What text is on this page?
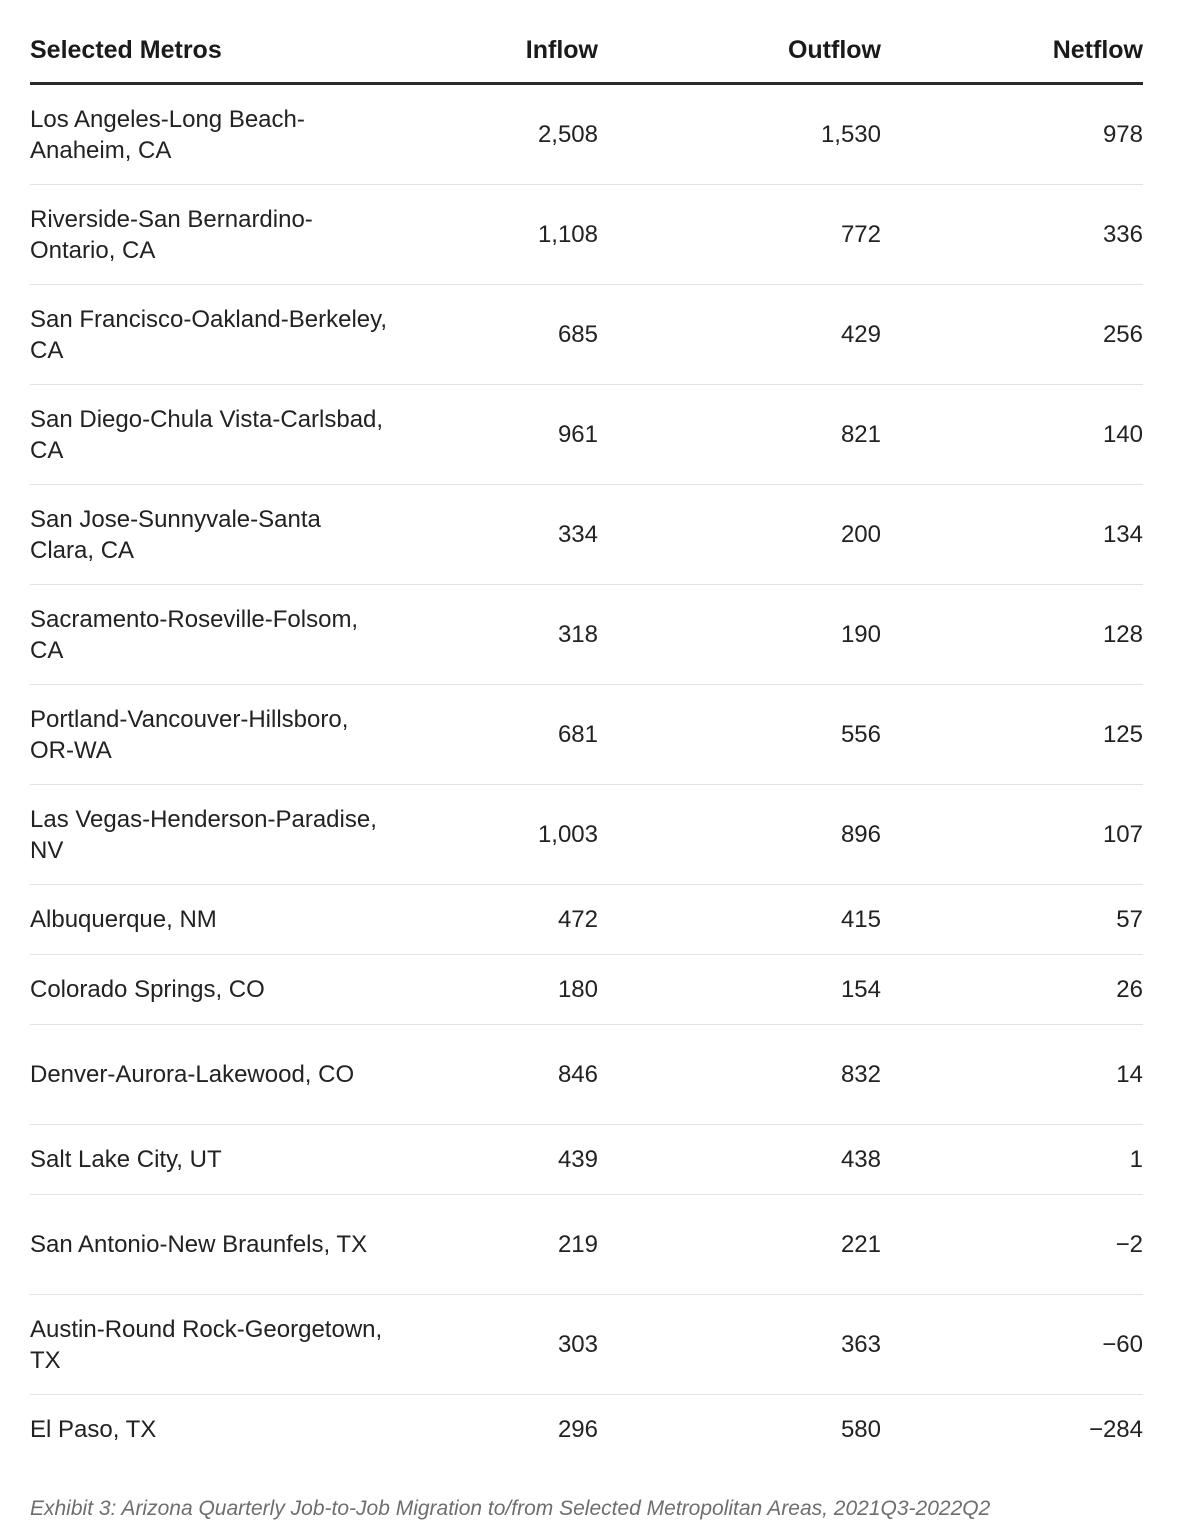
Selected Metros	Inflow	Outflow	Netflow
Los Angeles-Long Beach-Anaheim, CA	2,508	1,530	978
Riverside-San Bernardino-Ontario, CA	1,108	772	336
San Francisco-Oakland-Berkeley, CA	685	429	256
San Diego-Chula Vista-Carlsbad, CA	961	821	140
San Jose-Sunnyvale-Santa Clara, CA	334	200	134
Sacramento-Roseville-Folsom, CA	318	190	128
Portland-Vancouver-Hillsboro, OR-WA	681	556	125
Las Vegas-Henderson-Paradise, NV	1,003	896	107
Albuquerque, NM	472	415	57
Colorado Springs, CO	180	154	26
Denver-Aurora-Lakewood, CO	846	832	14
Salt Lake City, UT	439	438	1
San Antonio-New Braunfels, TX	219	221	−2
Austin-Round Rock-Georgetown, TX	303	363	−60
El Paso, TX	296	580	−284
Exhibit 3: Arizona Quarterly Job-to-Job Migration to/from Selected Metropolitan Areas, 2021Q3-2022Q2
